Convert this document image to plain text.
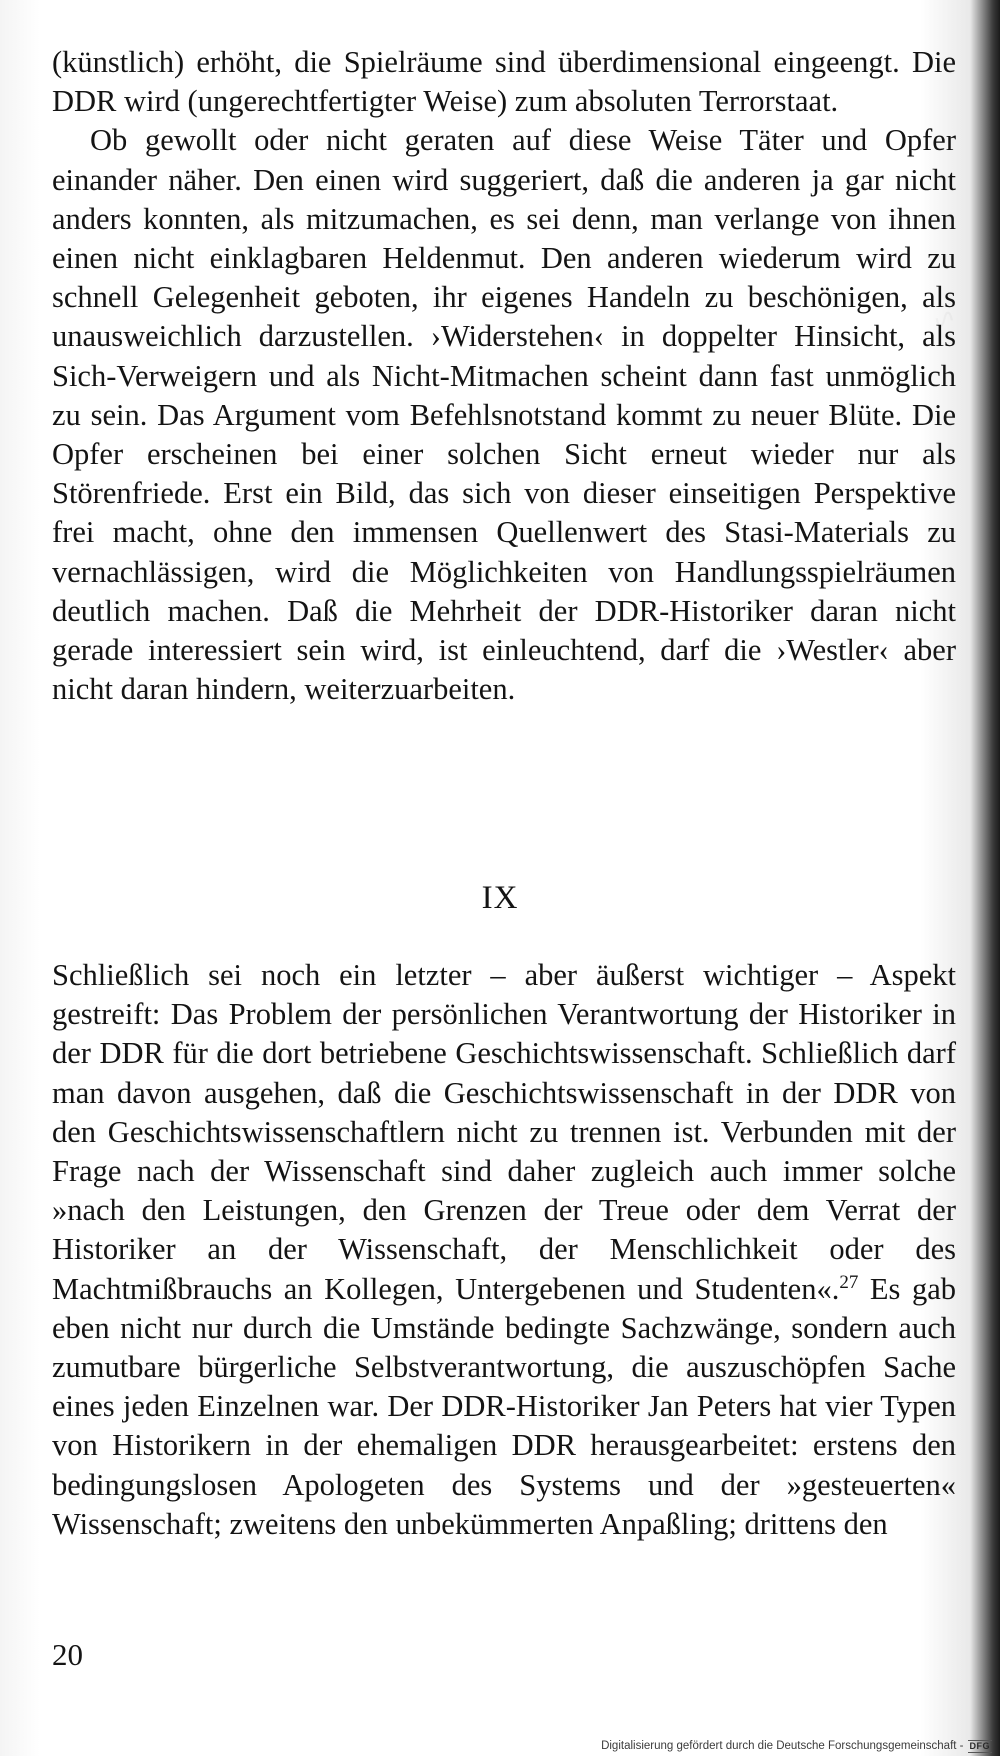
(künstlich) erhöht, die Spielräume sind überdimensional eingeengt. Die DDR wird (ungerechtfertigter Weise) zum absoluten Terrorstaat.

Ob gewollt oder nicht geraten auf diese Weise Täter und Opfer einander näher. Den einen wird suggeriert, daß die anderen ja gar nicht anders konnten, als mitzumachen, es sei denn, man verlange von ihnen einen nicht einklagbaren Heldenmut. Den anderen wiederum wird zu schnell Gelegenheit geboten, ihr eigenes Handeln zu beschönigen, als unausweichlich darzustellen. ›Widerstehen‹ in doppelter Hinsicht, als Sich-Verweigern und als Nicht-Mitmachen scheint dann fast unmöglich zu sein. Das Argument vom Befehlsnotstand kommt zu neuer Blüte. Die Opfer erscheinen bei einer solchen Sicht erneut wieder nur als Störenfriede. Erst ein Bild, das sich von dieser einseitigen Perspektive frei macht, ohne den immensen Quellenwert des Stasi-Materials zu vernachlässigen, wird die Möglichkeiten von Handlungsspielräumen deutlich machen. Daß die Mehrheit der DDR-Historiker daran nicht gerade interessiert sein wird, ist einleuchtend, darf die ›Westler‹ aber nicht daran hindern, weiterzuarbeiten.

IX

Schließlich sei noch ein letzter – aber äußerst wichtiger – Aspekt gestreift: Das Problem der persönlichen Verantwortung der Historiker in der DDR für die dort betriebene Geschichtswissenschaft. Schließlich darf man davon ausgehen, daß die Geschichtswissenschaft in der DDR von den Geschichtswissenschaftlern nicht zu trennen ist. Verbunden mit der Frage nach der Wissenschaft sind daher zugleich auch immer solche »nach den Leistungen, den Grenzen der Treue oder dem Verrat der Historiker an der Wissenschaft, der Menschlichkeit oder des Machtmißbrauchs an Kollegen, Untergebenen und Studenten«.$^{27}$ Es gab eben nicht nur durch die Umstände bedingte Sachzwänge, sondern auch zumutbare bürgerliche Selbstverantwortung, die auszuschöpfen Sache eines jeden Einzelnen war. Der DDR-Historiker Jan Peters hat vier Typen von Historikern in der ehemaligen DDR herausgearbeitet: erstens den bedingungslosen Apologeten des Systems und der »gesteuerten« Wissenschaft; zweitens den unbekümmerten Anpaßling; drittens den

20
Digitalisierung gefördert durch die Deutsche Forschungsgemeinschaft - DFG
